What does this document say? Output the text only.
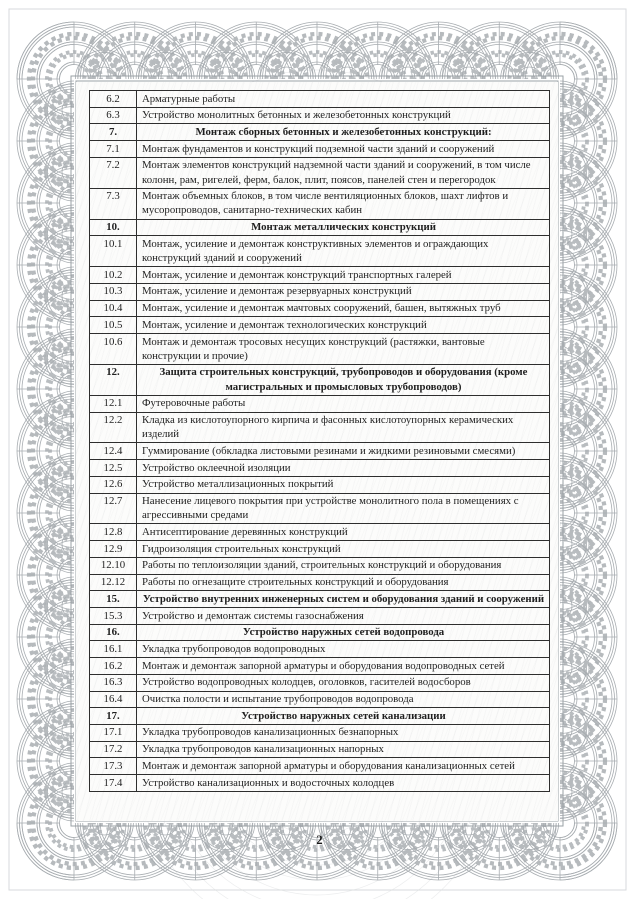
6.2	Арматурные работы
6.3	Устройство монолитных бетонных и железобетонных конструкций
7.	Монтаж сборных бетонных и железобетонных конструкций:
7.1	Монтаж фундаментов и конструкций подземной части зданий и сооружений
7.2	Монтаж элементов конструкций надземной части зданий и сооружений, в том числе колонн, рам, ригелей, ферм, балок, плит, поясов, панелей стен и перегородок
7.3	Монтаж объемных блоков, в том числе вентиляционных блоков, шахт лифтов и мусоропроводов, санитарно-технических кабин
10.	Монтаж металлических конструкций
10.1	Монтаж, усиление и демонтаж конструктивных элементов и ограждающих конструкций зданий и сооружений
10.2	Монтаж, усиление и демонтаж конструкций транспортных галерей
10.3	Монтаж, усиление и демонтаж резервуарных конструкций
10.4	Монтаж, усиление и демонтаж мачтовых сооружений, башен, вытяжных труб
10.5	Монтаж, усиление и демонтаж технологических конструкций
10.6	Монтаж и демонтаж тросовых несущих конструкций (растяжки, вантовые конструкции и прочие)
12.	Защита строительных конструкций, трубопроводов и оборудования (кроме магистральных и промысловых трубопроводов)
12.1	Футеровочные работы
12.2	Кладка из кислотоупорного кирпича и фасонных кислотоупорных керамических изделий
12.4	Гуммирование (обкладка листовыми резинами и жидкими резиновыми смесями)
12.5	Устройство оклеечной изоляции
12.6	Устройство металлизационных покрытий
12.7	Нанесение лицевого покрытия при устройстве монолитного пола в помещениях с агрессивными средами
12.8	Антисептирование деревянных конструкций
12.9	Гидроизоляция строительных конструкций
12.10	Работы по теплоизоляции зданий, строительных конструкций и оборудования
12.12	Работы по огнезащите строительных конструкций и оборудования
15.	Устройство внутренних инженерных систем и оборудования зданий и сооружений
15.3	Устройство и демонтаж системы газоснабжения
16.	Устройство наружных сетей водопровода
16.1	Укладка трубопроводов водопроводных
16.2	Монтаж и демонтаж запорной арматуры и оборудования водопроводных сетей
16.3	Устройство водопроводных колодцев, оголовков, гасителей водосборов
16.4	Очистка полости и испытание трубопроводов водопровода
17.	Устройство наружных сетей канализации
17.1	Укладка трубопроводов канализационных безнапорных
17.2	Укладка трубопроводов канализационных напорных
17.3	Монтаж и демонтаж запорной арматуры и оборудования канализационных сетей
17.4	Устройство канализационных и водосточных колодцев
2
